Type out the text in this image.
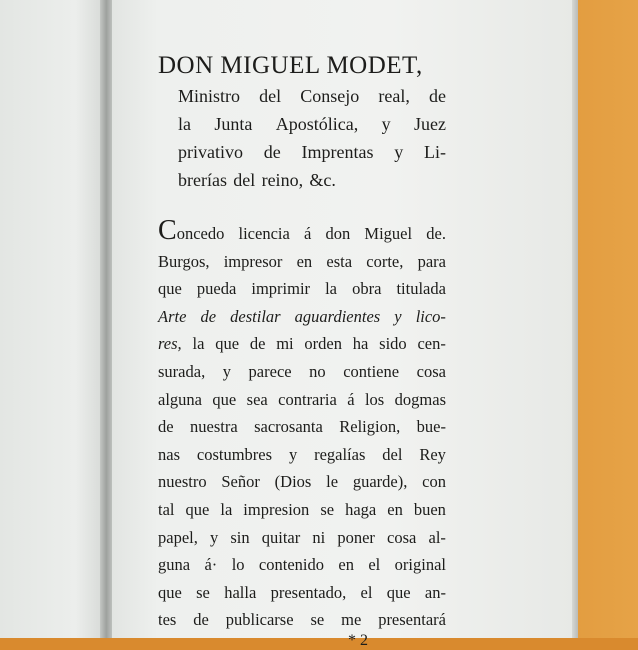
DON MIGUEL MODET,
Ministro del Consejo real, de
la Junta Apostólica, y Juez
privativo de Imprentas y Li-
brerías del reino, &c.
Concedo licencia á don Miguel de.
Burgos, impresor en esta corte, para
que pueda imprimir la obra titulada
Arte de destilar aguardientes y lico-
res, la que de mi orden ha sido cen-
surada, y parece no contiene cosa
alguna que sea contraria á los dogmas
de nuestra sacrosanta Religion, bue-
nas costumbres y regalías del Rey
nuestro Señor (Dios le guarde), con
tal que la impresion se haga en buen
papel, y sin quitar ni poner cosa al-
guna á· lo contenido en el original
que se halla presentado, el que an-
tes de publicarse se me presentará
* 2
